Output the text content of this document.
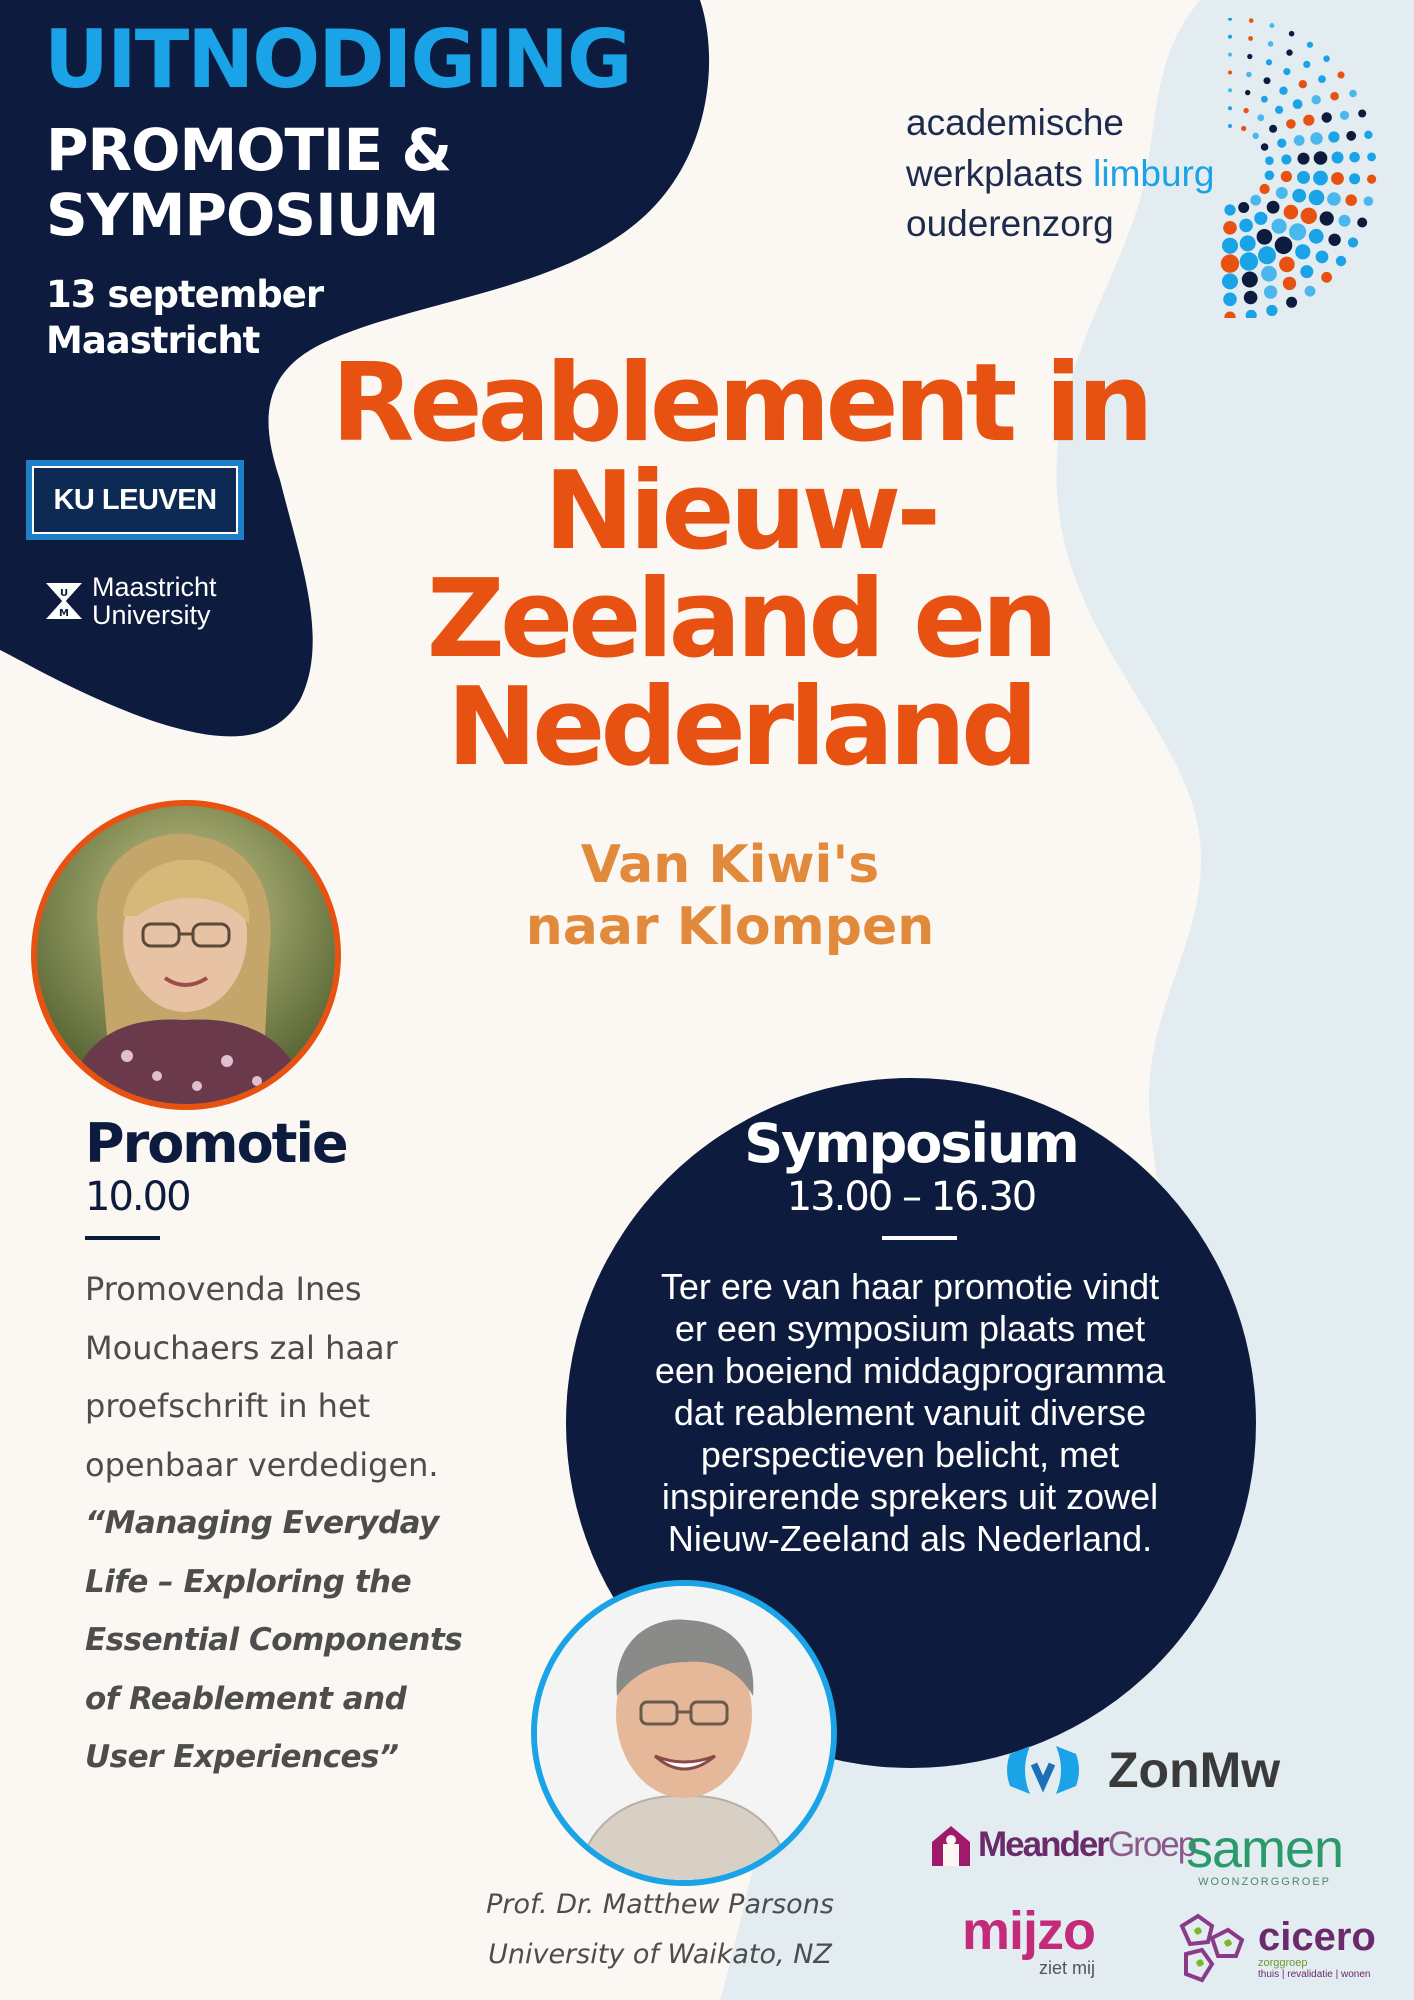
UITNODIGING
PROMOTIE &
SYMPOSIUM
13 september
Maastricht
KU LEUVEN
U
M
Maastricht
University
academische
werkplaats limburg
ouderenzorg
Reablement in
Nieuw-
Zeeland en
Nederland
Van Kiwi's
naar Klompen
Promotie
10.00
Promovenda Ines
Mouchaers zal haar
proefschrift in het
openbaar verdedigen.
“Managing Everyday
Life – Exploring the
Essential Components
of Reablement and
User Experiences”
Symposium
13.00 – 16.30
Ter ere van haar promotie vindt
er een symposium plaats met
een boeiend middagprogramma
dat reablement vanuit diverse
perspectieven belicht, met
inspirerende sprekers uit zowel
Nieuw-Zeeland als Nederland.
Prof. Dr. Matthew Parsons
University of Waikato, NZ
ZonMw
MeanderGroep
samen
WOONZORGGROEP
mijzo
ziet mij
cicero
zorggroep
thuis | revalidatie | wonen
